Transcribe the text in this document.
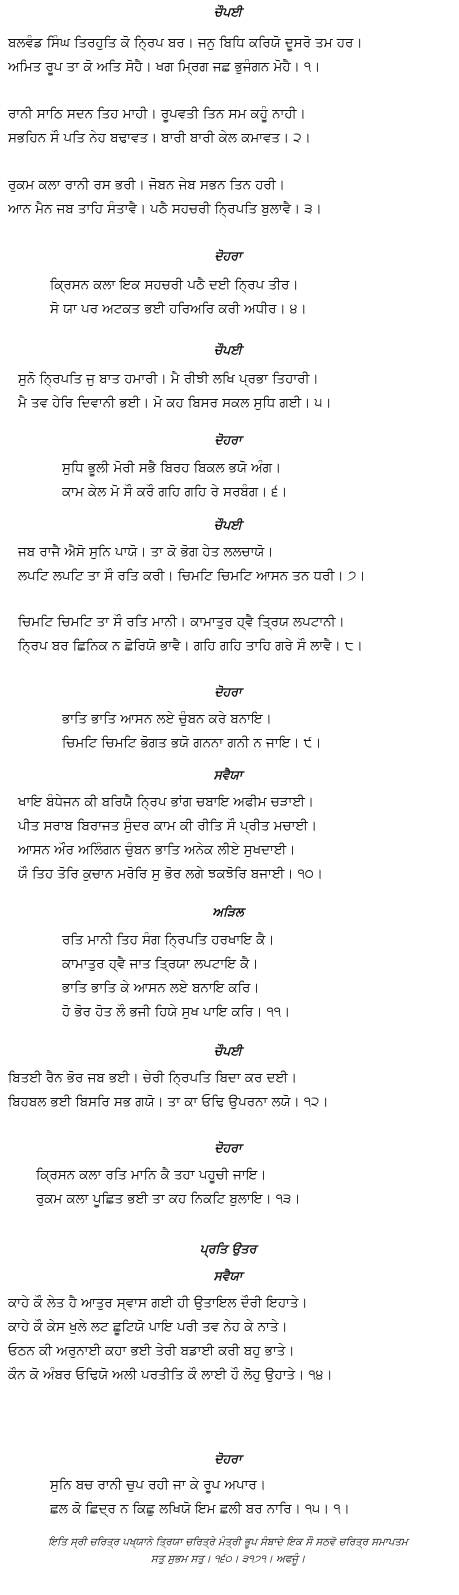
ਚੌਪਈ
ਬਲਵੰਡ ਸਿੰਘ ਤਿਰਹੁਤਿ ਕੋ ਨ੍ਰਿਪ ਬਰ। ਜਨੁ ਬਿਧਿ ਕਰਿਯੋ ਦੂਸਰੋ ਤਮ ਹਰ।
ਅਮਿਤ ਰੂਪ ਤਾ ਕੋ ਅਤਿ ਸੋਹੈ। ਖਗ ਮ੍ਰਿਗ ਜਛ ਭੁਜੰਗਨ ਮੋਹੈ। ੧।
ਰਾਨੀ ਸਾਠਿ ਸਦਨ ਤਿਹ ਮਾਹੀ। ਰੂਪਵਤੀ ਤਿਨ ਸਮ ਕਹੂੰ ਨਾਹੀ।
ਸਭਹਿਨ ਸੌ ਪਤਿ ਨੇਹ ਬਢਾਵਤ। ਬਾਰੀ ਬਾਰੀ ਕੇਲ ਕਮਾਵਤ। ੨।
ਰੁਕਮ ਕਲਾ ਰਾਨੀ ਰਸ ਭਰੀ। ਜੋਬਨ ਜੇਬ ਸਭਨ ਤਿਨ ਹਰੀ।
ਆਨ ਮੈਨ ਜਬ ਤਾਹਿ ਸੰਤਾਵੈ। ਪਠੈ ਸਹਚਰੀ ਨ੍ਰਿਪਤਿ ਬੁਲਾਵੈ। ੩।
ਦੋਹਰਾ
ਕ੍ਰਿਸਨ ਕਲਾ ਇਕ ਸਹਚਰੀ ਪਠੈ ਦਈ ਨ੍ਰਿਪ ਤੀਰ।
ਸੋ ਯਾ ਪਰ ਅਟਕਤ ਭਈ ਹਰਿਅਰਿ ਕਰੀ ਅਧੀਰ। ੪।
ਚੌਪਈ
ਸੁਨੋ ਨ੍ਰਿਪਤਿ ਜੁ ਬਾਤ ਹਮਾਰੀ। ਮੈ ਰੀਝੀ ਲਖਿ ਪ੍ਰਭਾ ਤਿਹਾਰੀ।
ਮੈ ਤਵ ਹੇਰਿ ਦਿਵਾਨੀ ਭਈ। ਮੋ ਕਹ ਬਿਸਰ ਸਕਲ ਸੁਧਿ ਗਈ। ੫।
ਦੋਹਰਾ
ਸੁਧਿ ਭੂਲੀ ਮੋਰੀ ਸਭੈ ਬਿਰਹ ਬਿਕਲ ਭਯੋ ਅੰਗ।
ਕਾਮ ਕੇਲ ਮੋ ਸੌ ਕਰੌ ਗਹਿ ਗਹਿ ਰੇ ਸਰਬੰਗ। ੬।
ਚੌਪਈ
ਜਬ ਰਾਜੈ ਐਸੋ ਸੁਨਿ ਪਾਯੋ। ਤਾ ਕੋ ਭੋਗ ਹੇਤ ਲਲਚਾਯੋ।
ਲਪਟਿ ਲਪਟਿ ਤਾ ਸੌ ਰਤਿ ਕਰੀ। ਚਿਮਟਿ ਚਿਮਟਿ ਆਸਨ ਤਨ ਧਰੀ। ੭।
ਚਿਮਟਿ ਚਿਮਟਿ ਤਾ ਸੌ ਰਤਿ ਮਾਨੀ। ਕਾਮਾਤੁਰ ਹ੍ਵੈ ਤ੍ਰਿਯ ਲਪਟਾਨੀ।
ਨ੍ਰਿਪ ਬਰ ਛਿਨਿਕ ਨ ਛੋਰਿਯੋ ਭਾਵੈ। ਗਹਿ ਗਹਿ ਤਾਹਿ ਗਰੇ ਸੌ ਲਾਵੈ। ੮।
ਦੋਹਰਾ
ਭਾਤਿ ਭਾਤਿ ਆਸਨ ਲਏ ਚੁੰਬਨ ਕਰੇ ਬਨਾਇ।
ਚਿਮਟਿ ਚਿਮਟਿ ਭੋਗਤ ਭਯੋ ਗਨਨਾ ਗਨੀ ਨ ਜਾਇ। ੯।
ਸਵੈਯਾ
ਖਾਇ ਬੰਧੇਜਨ ਕੀ ਬਰਿਯੈ ਨ੍ਰਿਪ ਭਾਂਗ ਚਬਾਇ ਅਫੀਮ ਚੜਾਈ।
ਪੀਤ ਸਰਾਬ ਬਿਰਾਜਤ ਸੁੰਦਰ ਕਾਮ ਕੀ ਰੀਤਿ ਸੌ ਪ੍ਰੀਤ ਮਚਾਈ।
ਆਸਨ ਔਰ ਅਲਿੰਗਨ ਚੁੰਬਨ ਭਾਤਿ ਅਨੇਕ ਲੀਏ ਸੁਖਦਾਈ।
ਯੌ ਤਿਹ ਤੋਰਿ ਕੁਚਾਨ ਮਰੋਰਿ ਸੁ ਭੋਰ ਲਗੇ ਝਕਝੋਰਿ ਬਜਾਈ। ੧੦।
ਅੜਿਲ
ਰਤਿ ਮਾਨੀ ਤਿਹ ਸੰਗ ਨ੍ਰਿਪਤਿ ਹਰਖਾਇ ਕੈ।
ਕਾਮਾਤੁਰ ਹ੍ਵੈ ਜਾਤ ਤ੍ਰਿਯਾ ਲਪਟਾਇ ਕੈ।
ਭਾਤਿ ਭਾਤਿ ਕੇ ਆਸਨ ਲਏ ਬਨਾਇ ਕਰਿ।
ਹੋ ਭੋਰ ਹੋਤ ਲੌ ਭਜੀ ਹਿਯੇ ਸੁਖ ਪਾਇ ਕਰਿ। ੧੧।
ਚੌਪਈ
ਬਿਤਈ ਰੈਨ ਭੋਰ ਜਬ ਭਈ। ਚੇਰੀ ਨ੍ਰਿਪਤਿ ਬਿਦਾ ਕਰ ਦਈ।
ਬਿਹਬਲ ਭਈ ਬਿਸਰਿ ਸਭ ਗਯੋ। ਤਾ ਕਾ ਓਢਿ ਉਪਰਨਾ ਲਯੋ। ੧੨।
ਦੋਹਰਾ
ਕ੍ਰਿਸਨ ਕਲਾ ਰਤਿ ਮਾਨਿ ਕੈ ਤਹਾ ਪਹੂਚੀ ਜਾਇ।
ਰੁਕਮ ਕਲਾ ਪੂਛਿਤ ਭਈ ਤਾ ਕਹ ਨਿਕਟਿ ਬੁਲਾਇ। ੧੩।
ਪ੍ਰਤਿ ਉਤਰ
ਸਵੈਯਾ
ਕਾਹੇ ਕੌ ਲੇਤ ਹੈ ਆਤੁਰ ਸ੍ਵਾਸ ਗਈ ਹੀ ਉਤਾਇਲ ਦੌਰੀ ਇਹਾਤੇ।
ਕਾਹੇ ਕੌ ਕੇਸ ਖੁਲੇ ਲਟ ਛੂਟਿਯੋ ਪਾਇ ਪਰੀ ਤਵ ਨੇਹ ਕੇ ਨਾਤੇ।
ਓਠਨ ਕੀ ਅਰੁਨਾਈ ਕਹਾ ਭਈ ਤੇਰੀ ਬਡਾਈ ਕਰੀ ਬਹੁ ਭਾਤੇ।
ਕੌਨ ਕੋ ਅੰਬਰ ਓਢਿਯੋ ਅਲੀ ਪਰਤੀਤਿ ਕੌ ਲਾਈ ਹੌ ਲੋਹੁ ਉਹਾਤੇ। ੧੪।
ਦੋਹਰਾ
ਸੁਨਿ ਬਚ ਰਾਨੀ ਚੁਪ ਰਹੀ ਜਾ ਕੇ ਰੂਪ ਅਪਾਰ।
ਛਲ ਕੋ ਛਿਦ੍ਰ ਨ ਕਿਛੁ ਲਖਿਯੋ ਇਮ ਛਲੀ ਬਰ ਨਾਰਿ। ੧੫। ੧।
ਇਤਿ ਸ੍ਰੀ ਚਰਿਤ੍ਰ ਪਖ੍ਯਾਨੇ ਤ੍ਰਿਯਾ ਚਰਿਤ੍ਰੇ ਮੰਤ੍ਰੀ ਭੂਪ ਸੰਬਾਦੇ ਇਕ ਸੌ ਸਠਵੋ ਚਰਿਤ੍ਰ ਸਮਾਪਤਮ
ਸਤੁ ਸੁਭਮ ਸਤੁ। ੧੬੦। ੩੧੭੧। ਅਫਜੂੰ।
